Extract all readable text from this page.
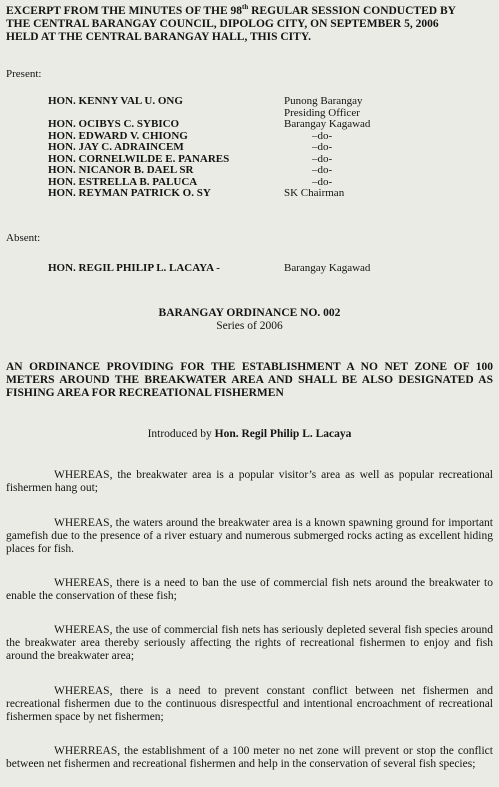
EXCERPT FROM THE MINUTES OF THE 98th REGULAR SESSION CONDUCTED BY
THE CENTRAL BARANGAY COUNCIL, DIPOLOG CITY, ON SEPTEMBER 5, 2006
HELD AT THE CENTRAL BARANGAY HALL, THIS CITY.
Present:
HON. KENNY VAL U. ONG	Punong Barangay
Presiding Officer
HON. OCIBYS C. SYBICO	Barangay Kagawad
HON. EDWARD V. CHIONG	–do-
HON. JAY C. ADRAINCEM	–do-
HON. CORNELWILDE E. PANARES	–do-
HON. NICANOR B. DAEL SR	–do-
HON. ESTRELLA B. PALUCA	–do-
HON. REYMAN PATRICK O. SY	SK Chairman
Absent:
HON. REGIL PHILIP L. LACAYA -	Barangay Kagawad
BARANGAY ORDINANCE NO. 002
Series of 2006
AN ORDINANCE PROVIDING FOR THE ESTABLISHMENT A NO NET ZONE OF 100 METERS AROUND THE BREAKWATER AREA AND SHALL BE ALSO DESIGNATED AS FISHING AREA FOR RECREATIONAL FISHERMEN
Introduced by Hon. Regil Philip L. Lacaya
WHEREAS, the breakwater area is a popular visitor’s area as well as popular recreational fishermen hang out;
WHEREAS, the waters around the breakwater area is a known spawning ground for important gamefish due to the presence of a river estuary and numerous submerged rocks acting as excellent hiding places for fish.
WHEREAS, there is a need to ban the use of commercial fish nets around the breakwater to enable the conservation of these fish;
WHEREAS, the use of commercial fish nets has seriously depleted several fish species around the breakwater area thereby seriously affecting the rights of recreational fishermen to enjoy and fish around the breakwater area;
WHEREAS, there is a need to prevent constant conflict between net fishermen and recreational fishermen due to the continuous disrespectful and intentional encroachment of recreational fishermen space by net fishermen;
WHERREAS, the establishment of a 100 meter no net zone will prevent or stop the conflict between net fishermen and recreational fishermen and help in the conservation of several fish species;
